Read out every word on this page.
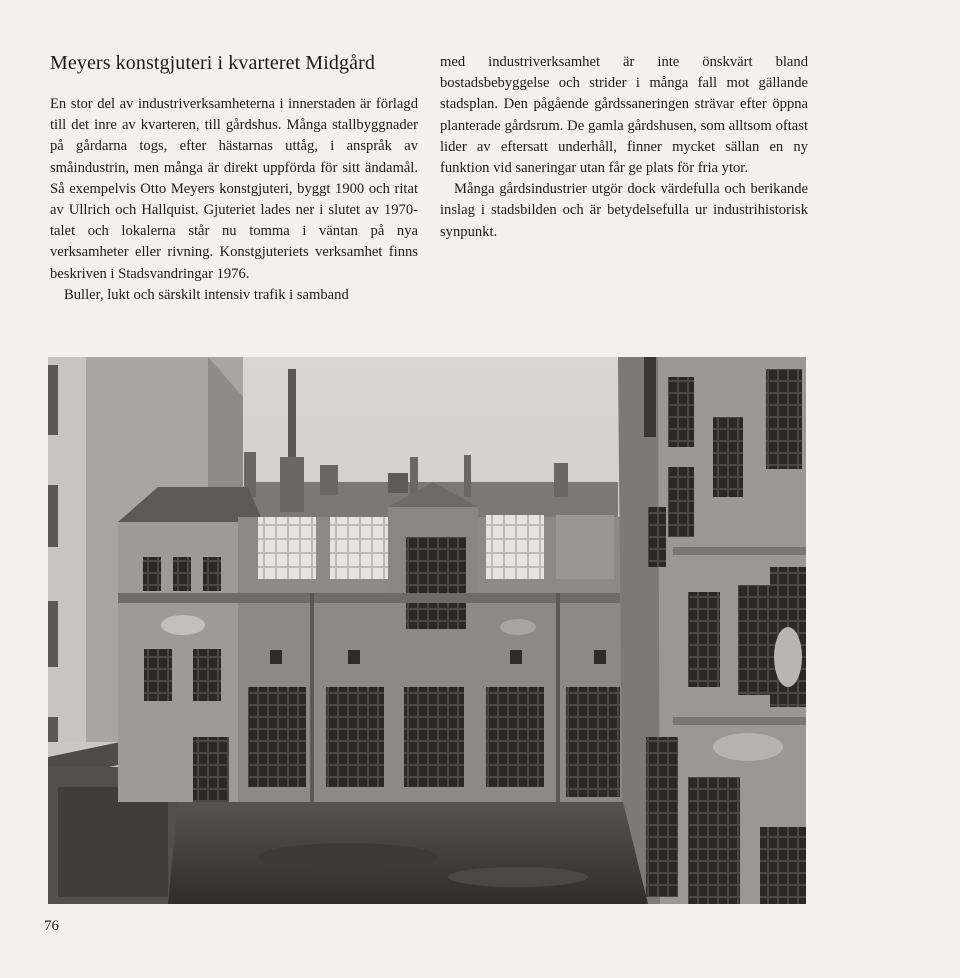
Meyers konstgjuteri i kvarteret Midgård

En stor del av industriverksamheterna i innerstaden är förlagd till det inre av kvarteren, till gårdshus. Många stallbyggnader på gårdarna togs, efter hästarnas uttåg, i anspråk av småindustrin, men många är direkt uppförda för sitt ändamål. Så exempelvis Otto Meyers konstgjuteri, byggt 1900 och ritat av Ullrich och Hallquist. Gjuteriet lades ner i slutet av 1970-talet och lokalerna står nu tomma i väntan på nya verksamheter eller rivning. Konstgjuteriets verksamhet finns beskriven i Stadsvandringar 1976.

Buller, lukt och särskilt intensiv trafik i samband

med industriverksamhet är inte önskvärt bland bostadsbebyggelse och strider i många fall mot gällande stadsplan. Den pågående gårdssaneringen strävar efter öppna planterade gårdsrum. De gamla gårdshusen, som alltsom oftast lider av eftersatt underhåll, finner mycket sällan en ny funktion vid saneringar utan får ge plats för fria ytor.

Många gårdsindustrier utgör dock värdefulla och berikande inslag i stadsbilden och är betydelsefulla ur industrihistorisk synpunkt.

76
